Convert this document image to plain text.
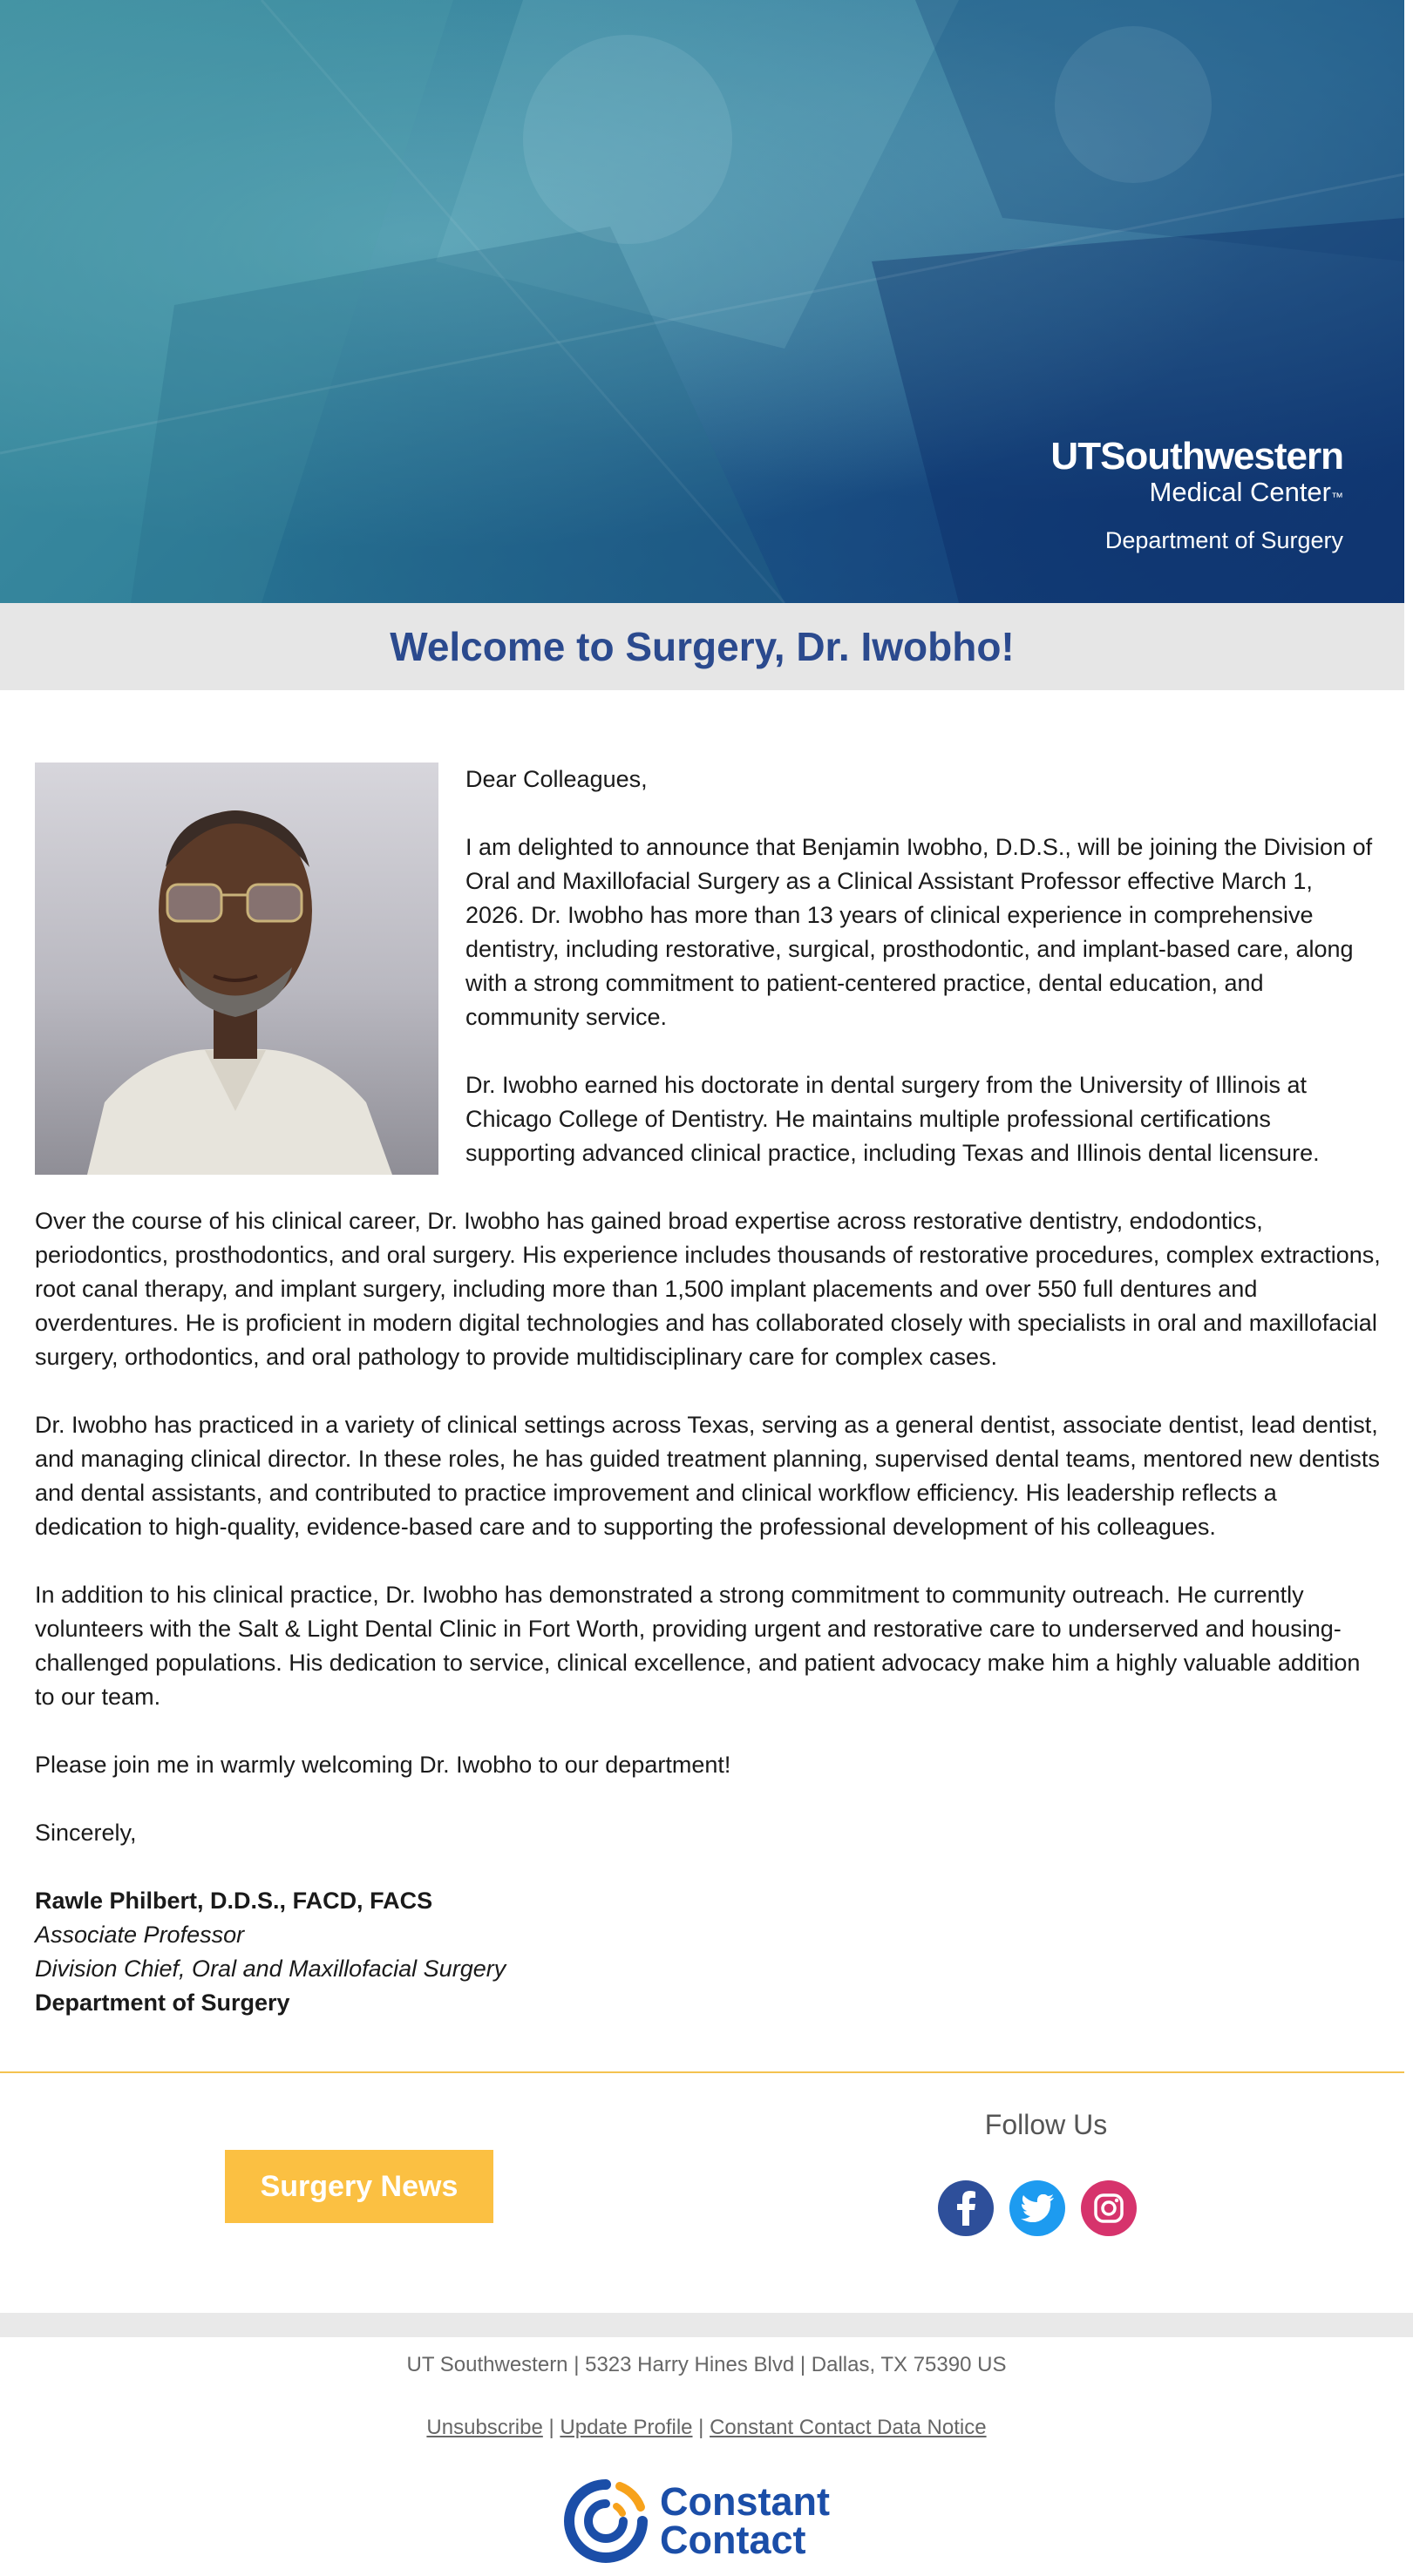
UTSouthwestern
Medical Center™
Department of Surgery
Welcome to Surgery, Dr. Iwobho!

Dear Colleagues,

I am delighted to announce that Benjamin Iwobho, D.D.S., will be joining the Division of Oral and Maxillofacial Surgery as a Clinical Assistant Professor effective March 1, 2026. Dr. Iwobho has more than 13 years of clinical experience in comprehensive dentistry, including restorative, surgical, prosthodontic, and implant-based care, along with a strong commitment to patient-centered practice, dental education, and community service.

Dr. Iwobho earned his doctorate in dental surgery from the University of Illinois at Chicago College of Dentistry. He maintains multiple professional certifications supporting advanced clinical practice, including Texas and Illinois dental licensure.

Over the course of his clinical career, Dr. Iwobho has gained broad expertise across restorative dentistry, endodontics, periodontics, prosthodontics, and oral surgery. His experience includes thousands of restorative procedures, complex extractions, root canal therapy, and implant surgery, including more than 1,500 implant placements and over 550 full dentures and overdentures. He is proficient in modern digital technologies and has collaborated closely with specialists in oral and maxillofacial surgery, orthodontics, and oral pathology to provide multidisciplinary care for complex cases.

Dr. Iwobho has practiced in a variety of clinical settings across Texas, serving as a general dentist, associate dentist, lead dentist, and managing clinical director. In these roles, he has guided treatment planning, supervised dental teams, mentored new dentists and dental assistants, and contributed to practice improvement and clinical workflow efficiency. His leadership reflects a dedication to high-quality, evidence-based care and to supporting the professional development of his colleagues.

In addition to his clinical practice, Dr. Iwobho has demonstrated a strong commitment to community outreach. He currently volunteers with the Salt & Light Dental Clinic in Fort Worth, providing urgent and restorative care to underserved and housing-challenged populations. His dedication to service, clinical excellence, and patient advocacy make him a highly valuable addition to our team.

Please join me in warmly welcoming Dr. Iwobho to our department!

Sincerely,

Rawle Philbert, D.D.S., FACD, FACS

Associate Professor

Division Chief, Oral and Maxillofacial Surgery

Department of Surgery

Surgery News
Follow Us
UT Southwestern | 5323 Harry Hines Blvd | Dallas, TX 75390 US
Unsubscribe | Update Profile | Constant Contact Data Notice
Constant
Contact
